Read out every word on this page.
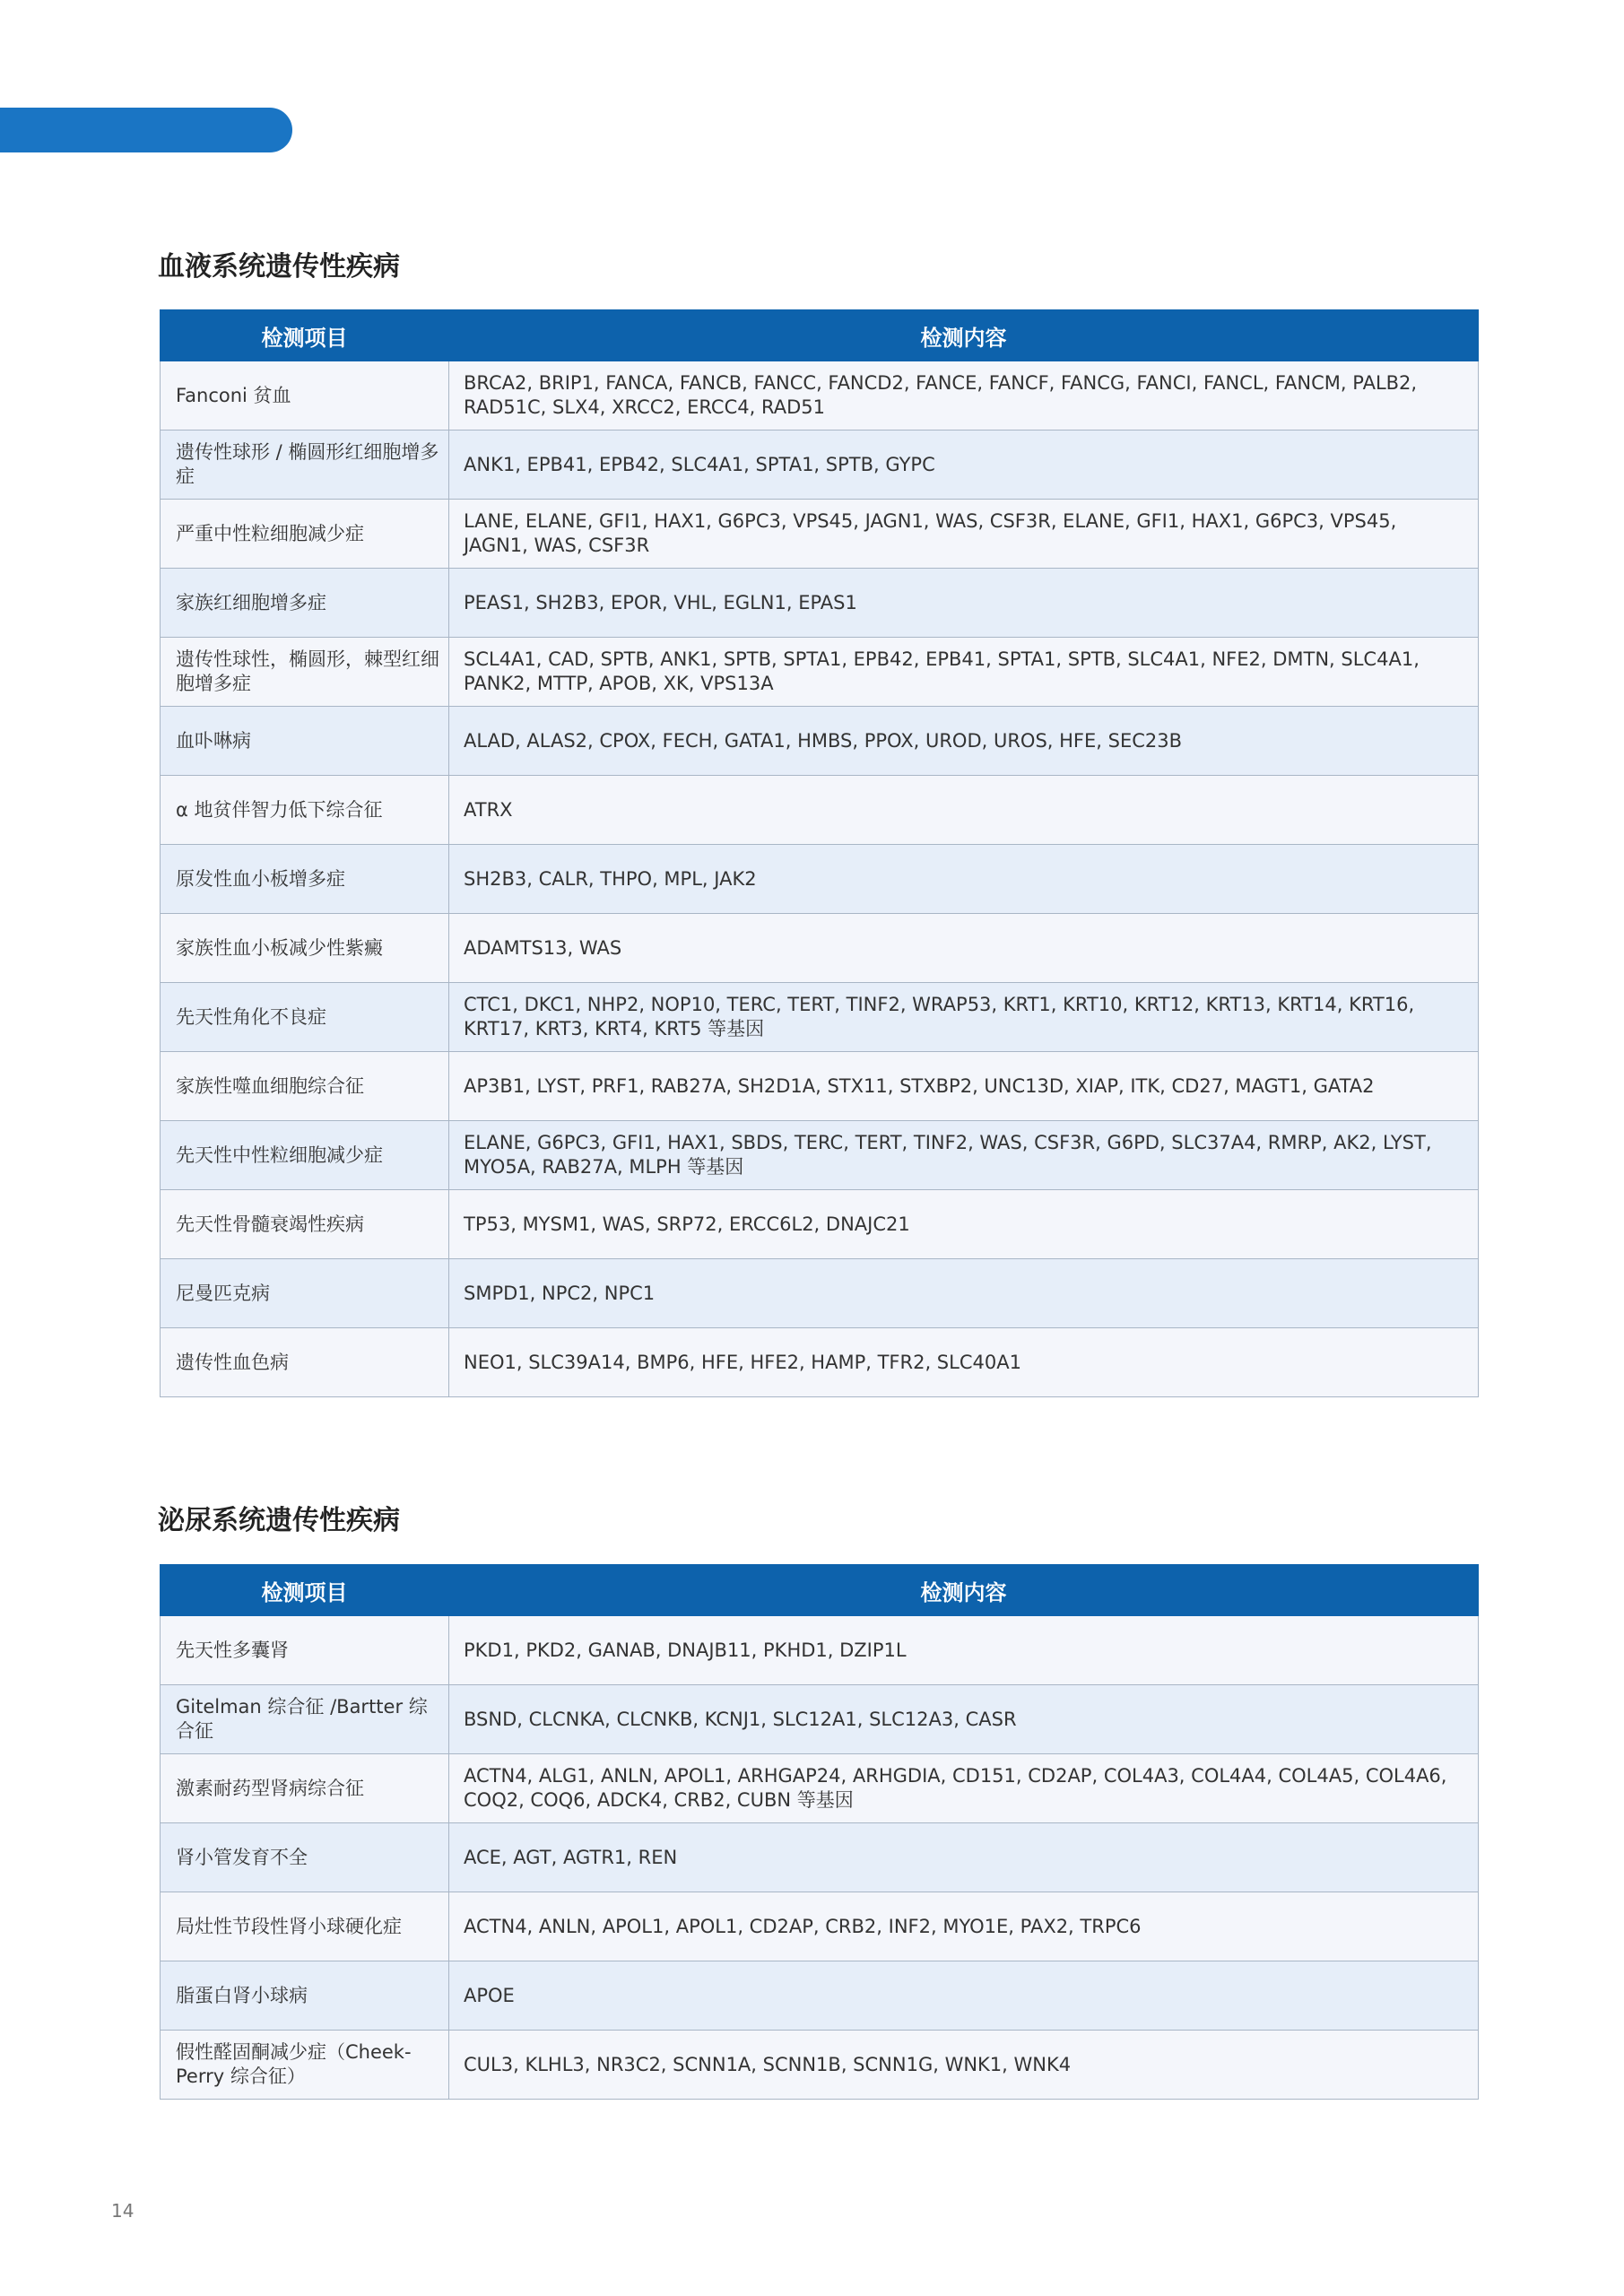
血液系统遗传性疾病
检测项目	检测内容
Fanconi 贫血	BRCA2, BRIP1, FANCA, FANCB, FANCC, FANCD2, FANCE, FANCF, FANCG, FANCI, FANCL, FANCM, PALB2, RAD51C, SLX4, XRCC2, ERCC4, RAD51
遗传性球形 / 椭圆形红细胞增多症	ANK1, EPB41, EPB42, SLC4A1, SPTA1, SPTB, GYPC
严重中性粒细胞减少症	LANE, ELANE, GFI1, HAX1, G6PC3, VPS45, JAGN1, WAS, CSF3R, ELANE, GFI1, HAX1, G6PC3, VPS45, JAGN1, WAS, CSF3R
家族红细胞增多症	PEAS1, SH2B3, EPOR, VHL, EGLN1, EPAS1
遗传性球性，椭圆形，棘型红细胞增多症	SCL4A1, CAD, SPTB, ANK1, SPTB, SPTA1, EPB42, EPB41, SPTA1, SPTB, SLC4A1, NFE2, DMTN, SLC4A1, PANK2, MTTP, APOB, XK, VPS13A
血卟啉病	ALAD, ALAS2, CPOX, FECH, GATA1, HMBS, PPOX, UROD, UROS, HFE, SEC23B
α 地贫伴智力低下综合征	ATRX
原发性血小板增多症	SH2B3, CALR, THPO, MPL, JAK2
家族性血小板减少性紫癜	ADAMTS13, WAS
先天性角化不良症	CTC1, DKC1, NHP2, NOP10, TERC, TERT, TINF2, WRAP53, KRT1, KRT10, KRT12, KRT13, KRT14, KRT16, KRT17, KRT3, KRT4, KRT5 等基因
家族性噬血细胞综合征	AP3B1, LYST, PRF1, RAB27A, SH2D1A, STX11, STXBP2, UNC13D, XIAP, ITK, CD27, MAGT1, GATA2
先天性中性粒细胞减少症	ELANE, G6PC3, GFI1, HAX1, SBDS, TERC, TERT, TINF2, WAS, CSF3R, G6PD, SLC37A4, RMRP, AK2, LYST, MYO5A, RAB27A, MLPH 等基因
先天性骨髓衰竭性疾病	TP53, MYSM1, WAS, SRP72, ERCC6L2, DNAJC21
尼曼匹克病	SMPD1, NPC2, NPC1
遗传性血色病	NEO1, SLC39A14, BMP6, HFE, HFE2, HAMP, TFR2, SLC40A1
泌尿系统遗传性疾病
检测项目	检测内容
先天性多囊肾	PKD1, PKD2, GANAB, DNAJB11, PKHD1, DZIP1L
Gitelman 综合征 /Bartter 综合征	BSND, CLCNKA, CLCNKB, KCNJ1, SLC12A1, SLC12A3, CASR
激素耐药型肾病综合征	ACTN4, ALG1, ANLN, APOL1, ARHGAP24, ARHGDIA, CD151, CD2AP, COL4A3, COL4A4, COL4A5, COL4A6, COQ2, COQ6, ADCK4, CRB2, CUBN 等基因
肾小管发育不全	ACE, AGT, AGTR1, REN
局灶性节段性肾小球硬化症	ACTN4, ANLN, APOL1, APOL1, CD2AP, CRB2, INF2, MYO1E, PAX2, TRPC6
脂蛋白肾小球病	APOE
假性醛固酮减少症（Cheek-Perry 综合征）	CUL3, KLHL3, NR3C2, SCNN1A, SCNN1B, SCNN1G, WNK1, WNK4
14
